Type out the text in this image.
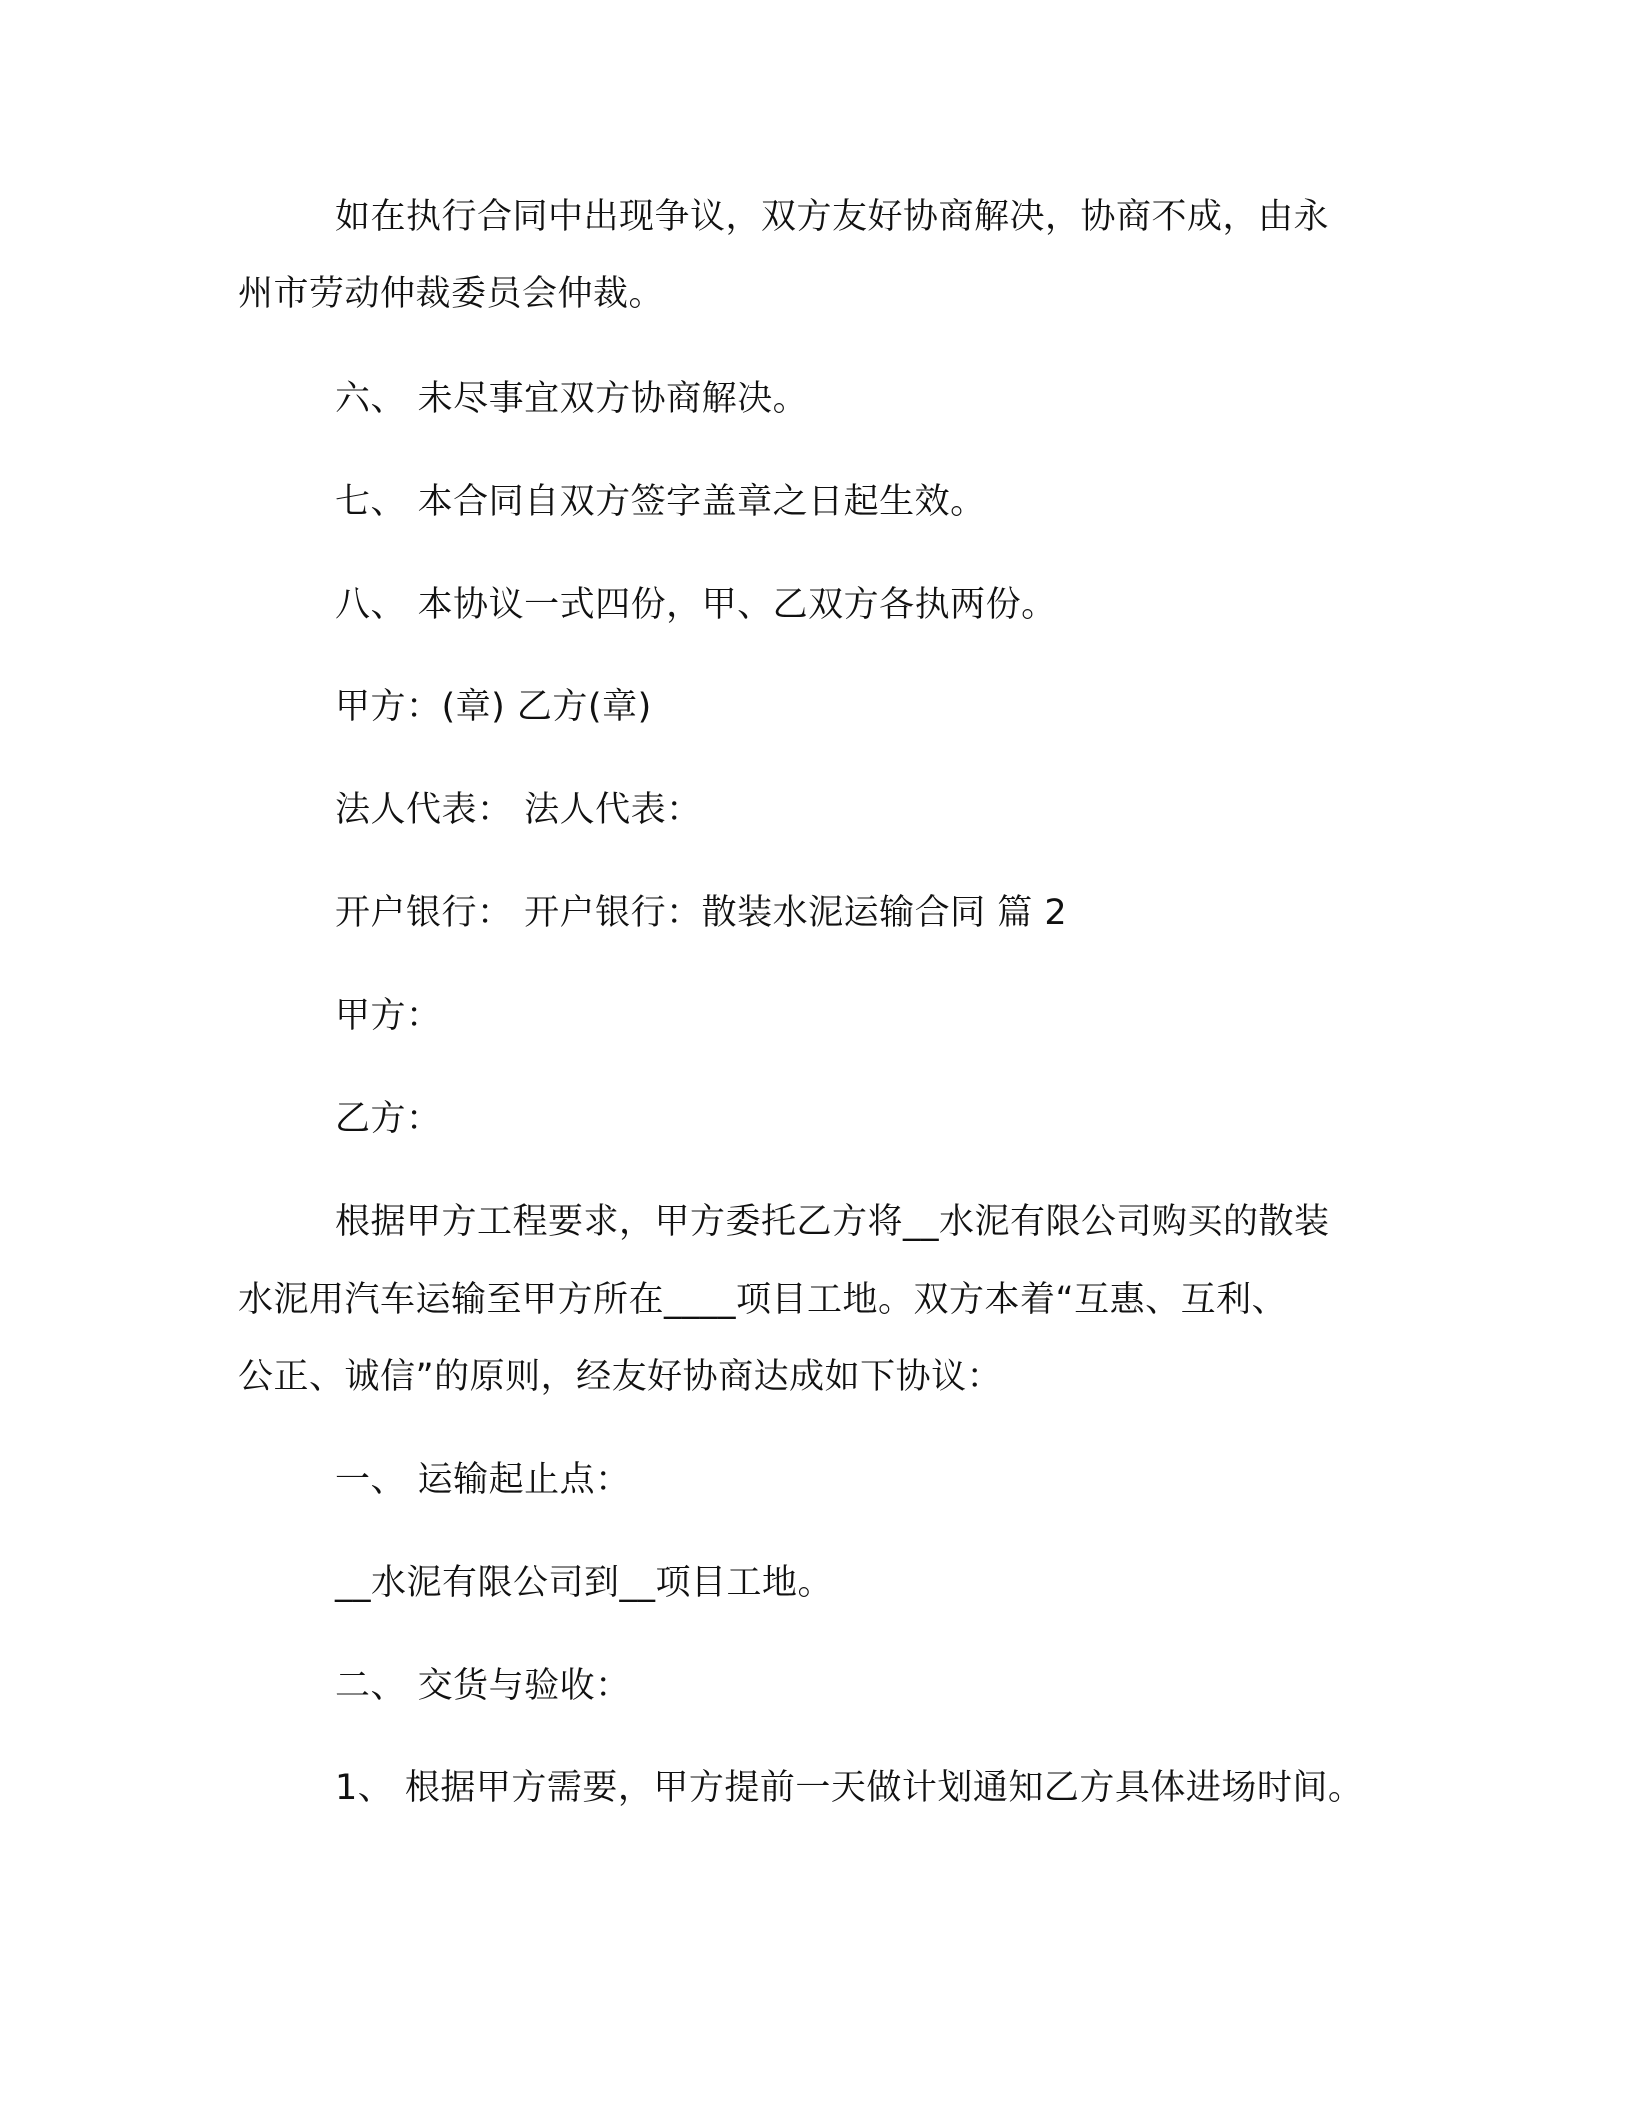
如在执行合同中出现争议，双方友好协商解决，协商不成，由永
州市劳动仲裁委员会仲裁。
六、 未尽事宜双方协商解决。
七、 本合同自双方签字盖章之日起生效。
八、 本协议一式四份，甲、乙双方各执两份。
甲方：(章) 乙方(章)
法人代表： 法人代表：
开户银行： 开户银行：散装水泥运输合同 篇 2
甲方：
乙方：
根据甲方工程要求，甲方委托乙方将__水泥有限公司购买的散装
水泥用汽车运输至甲方所在____项目工地。双方本着“互惠、互利、
公正、诚信”的原则，经友好协商达成如下协议：
一、 运输起止点：
__水泥有限公司到__项目工地。
二、 交货与验收：
1、 根据甲方需要，甲方提前一天做计划通知乙方具体进场时间。
